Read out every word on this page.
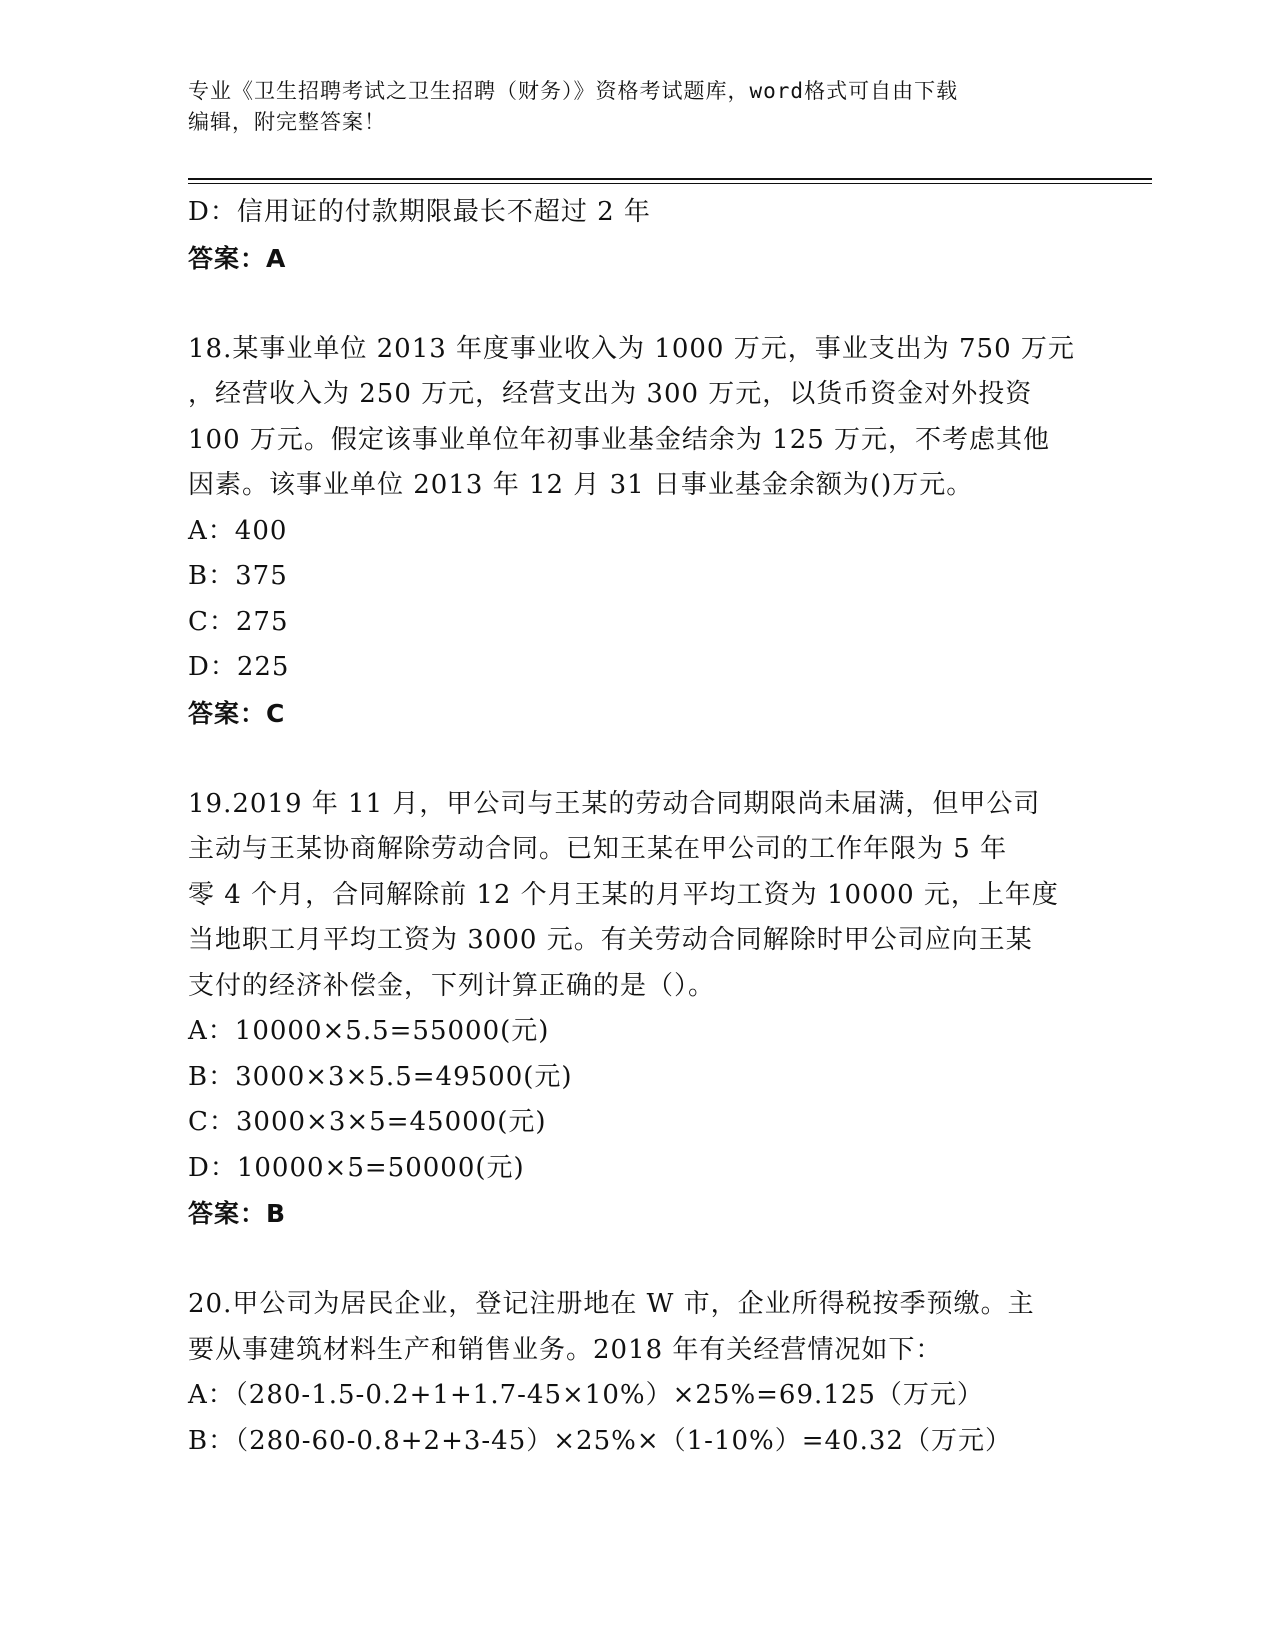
专业《卫生招聘考试之卫生招聘（财务）》资格考试题库，word格式可自由下载
编辑，附完整答案！
D：信用证的付款期限最长不超过 2 年
答案：A
18.某事业单位 2013 年度事业收入为 1000 万元，事业支出为 750 万元
，经营收入为 250 万元，经营支出为 300 万元，以货币资金对外投资
100 万元。假定该事业单位年初事业基金结余为 125 万元，不考虑其他
因素。该事业单位 2013 年 12 月 31 日事业基金余额为()万元。
A：400
B：375
C：275
D：225
答案：C
19.2019 年 11 月，甲公司与王某的劳动合同期限尚未届满，但甲公司
主动与王某协商解除劳动合同。已知王某在甲公司的工作年限为 5 年
零 4 个月，合同解除前 12 个月王某的月平均工资为 10000 元，上年度
当地职工月平均工资为 3000 元。有关劳动合同解除时甲公司应向王某
支付的经济补偿金，下列计算正确的是（）。
A：10000×5.5=55000(元)
B：3000×3×5.5=49500(元)
C：3000×3×5=45000(元)
D：10000×5=50000(元)
答案：B
20.甲公司为居民企业，登记注册地在 W 市，企业所得税按季预缴。主
要从事建筑材料生产和销售业务。2018 年有关经营情况如下：
A：（280-1.5-0.2+1+1.7-45×10%）×25%=69.125（万元）
B：（280-60-0.8+2+3-45）×25%×（1-10%）=40.32（万元）
